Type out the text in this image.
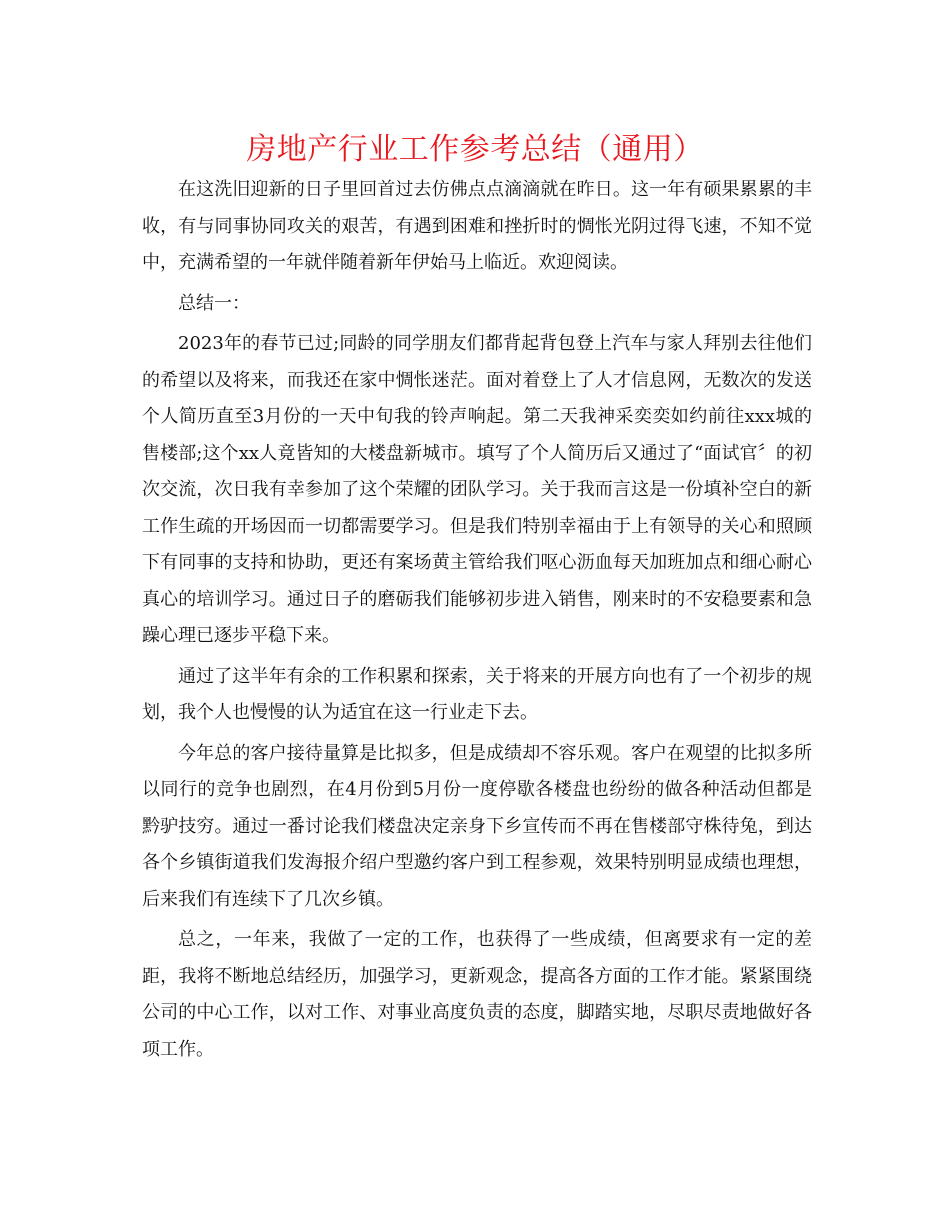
房地产行业工作参考总结（通用）

在这洗旧迎新的日子里回首过去仿佛点点滴滴就在昨日。这一年有硕果累累的丰收，有与同事协同攻关的艰苦，有遇到困难和挫折时的惆怅光阴过得飞速，不知不觉中，充满希望的一年就伴随着新年伊始马上临近。欢迎阅读。

总结一：

2023年的春节已过;同龄的同学朋友们都背起背包登上汽车与家人拜别去往他们的希望以及将来，而我还在家中惆怅迷茫。面对着登上了人才信息网，无数次的发送个人简历直至3月份的一天中旬我的铃声响起。第二天我神采奕奕如约前往xxx城的售楼部;这个xx人竟皆知的大楼盘新城市。填写了个人简历后又通过了“面试官〞的初次交流，次日我有幸参加了这个荣耀的团队学习。关于我而言这是一份填补空白的新工作生疏的开场因而一切都需要学习。但是我们特别幸福由于上有领导的关心和照顾下有同事的支持和协助，更还有案场黄主管给我们呕心沥血每天加班加点和细心耐心真心的培训学习。通过日子的磨砺我们能够初步进入销售，刚来时的不安稳要素和急躁心理已逐步平稳下来。

通过了这半年有余的工作积累和探索，关于将来的开展方向也有了一个初步的规划，我个人也慢慢的认为适宜在这一行业走下去。

今年总的客户接待量算是比拟多，但是成绩却不容乐观。客户在观望的比拟多所以同行的竞争也剧烈，在4月份到5月份一度停歇各楼盘也纷纷的做各种活动但都是黔驴技穷。通过一番讨论我们楼盘决定亲身下乡宣传而不再在售楼部守株待兔，到达各个乡镇街道我们发海报介绍户型邀约客户到工程参观，效果特别明显成绩也理想，后来我们有连续下了几次乡镇。

总之，一年来，我做了一定的工作，也获得了一些成绩，但离要求有一定的差距，我将不断地总结经历，加强学习，更新观念，提高各方面的工作才能。紧紧围绕公司的中心工作，以对工作、对事业高度负责的态度，脚踏实地，尽职尽责地做好各项工作。
